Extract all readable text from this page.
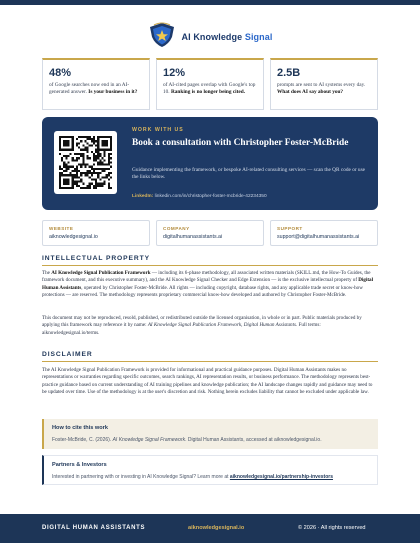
AI Knowledge Signal
48%
of Google searches now end in an AI-generated answer. Is your business in it?
12%
of AI-cited pages overlap with Google's top 10. Ranking is no longer being cited.
2.5B
prompts are sent to AI systems every day. What does AI say about you?
WORK WITH US
Book a consultation with Christopher Foster-McBride
Guidance implementing the framework, or bespoke AI-related consulting services — scan the QR code or use the links below.
LinkedIn: linkedin.com/in/christopher-foster-mcbride-42234350
WEBSITE
aiknowledgesignal.io
COMPANY
digitalhumanassistants.ai
SUPPORT
support@digitalhumanassistants.ai
INTELLECTUAL PROPERTY
The AI Knowledge Signal Publication Framework — including its 6-phase methodology, all associated written materials (SKILL.md, the How-To Guides, the framework document, and this executive summary), and the AI Knowledge Signal Checker and Edge Extension — is the exclusive intellectual property of Digital Human Assistants, operated by Christopher Foster-McBride. All rights — including copyright, database rights, and any applicable trade secret or know-how protections — are reserved. The methodology represents proprietary commercial know-how developed and authored by Christopher Foster-McBride.
This document may not be reproduced, resold, published, or redistributed outside the licensed organisation, in whole or in part. Public materials produced by applying this framework may reference it by name: AI Knowledge Signal Publication Framework, Digital Human Assistants. Full terms: aiknowledgesignal.io/terms.
DISCLAIMER
The AI Knowledge Signal Publication Framework is provided for informational and practical guidance purposes. Digital Human Assistants makes no representations or warranties regarding specific outcomes, search rankings, AI representation results, or business performance. The methodology represents best-practice guidance based on current understanding of AI training pipelines and knowledge publication; the AI landscape changes rapidly and guidance may need to be updated over time. Use of the methodology is at the user's discretion and risk. Nothing herein excludes liability that cannot be excluded under applicable law.
How to cite this work
Foster-McBride, C. (2026). AI Knowledge Signal Framework. Digital Human Assistants, accessed at aiknowledgesignal.io.
Partners & Investors
Interested in partnering with or investing in AI Knowledge Signal? Learn more at aiknowledgesignal.io/partnership-investors
DIGITAL HUMAN ASSISTANTS	aiknowledgesignal.io	© 2026 · All rights reserved
